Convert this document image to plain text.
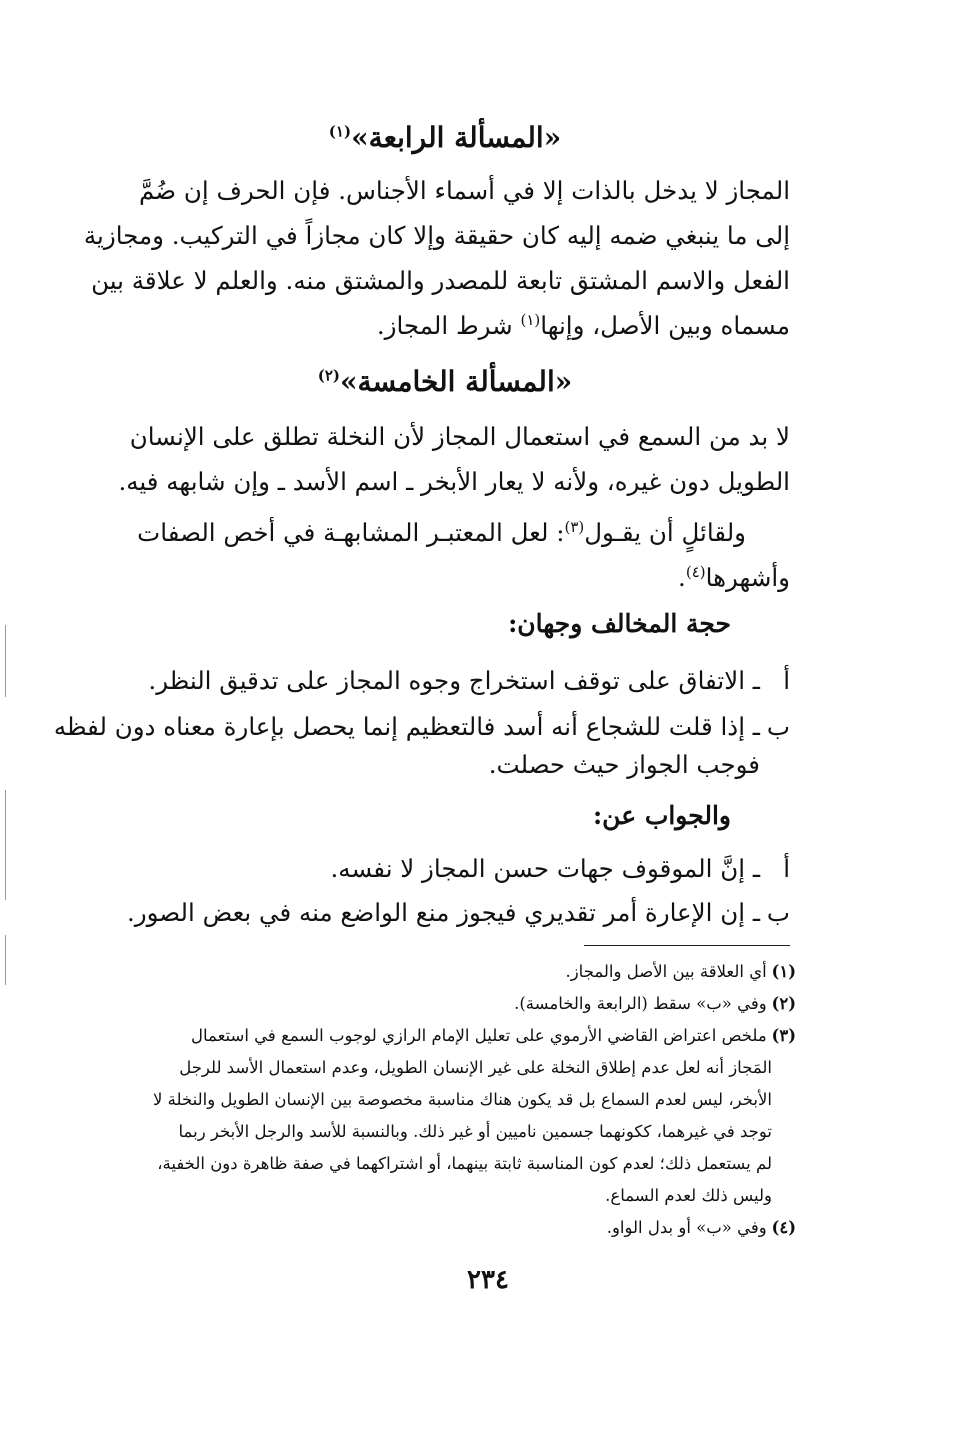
«المسألة الرابعة»$^{(١)}$
المجاز لا يدخل بالذات إلا في أسماء الأجناس. فإن الحرف إن ضُمَّ
إلى ما ينبغي ضمه إليه كان حقيقة وإلا كان مجازاً في التركيب. ومجازية
الفعل والاسم المشتق تابعة للمصدر والمشتق منه. والعلم لا علاقة بين
مسماه وبين الأصل، وإنها$^{(١)}$ شرط المجاز.
«المسألة الخامسة»$^{(٢)}$
لا بد من السمع في استعمال المجاز لأن النخلة تطلق على الإنسان
الطويل دون غيره، ولأنه لا يعار الأبخر ـ اسم الأسد ـ وإن شابهه فيه.
ولقائلٍ أن يقـول$^{(٣)}$: لعل المعتبـر المشابهـة في أخص الصفات
وأشهرها$^{(٤)}$.
حجة المخالف وجهان:
أـ الاتفاق على توقف استخراج وجوه المجاز على تدقيق النظر.
بـ إذا قلت للشجاع أنه أسد فالتعظيم إنما يحصل بإعارة معناه دون لفظه
فوجب الجواز حيث حصلت.
والجواب عن:
أـ إنَّ الموقوف جهات حسن المجاز لا نفسه.
بـ إن الإعارة أمر تقديري فيجوز منع الواضع منه في بعض الصور.
(١) أي العلاقة بين الأصل والمجاز.
(٢) وفي «ب» سقط (الرابعة والخامسة).
(٣) ملخص اعتراض القاضي الأرموي على تعليل الإمام الرازي لوجوب السمع في استعمال
المَجاز أنه لعل عدم إطلاق النخلة على غير الإنسان الطويل، وعدم استعمال الأسد للرجل
الأبخر، ليس لعدم السماع بل قد يكون هناك مناسبة مخصوصة بين الإنسان الطويل والنخلة لا
توجد في غيرهما، ككونهما جسمين ناميين أو غير ذلك. وبالنسبة للأسد والرجل الأبخر ربما
لم يستعمل ذلك؛ لعدم كون المناسبة ثابتة بينهما، أو اشتراكهما في صفة ظاهرة دون الخفية،
وليس ذلك لعدم السماع.
(٤) وفي «ب» أو بدل الواو.
٢٣٤
